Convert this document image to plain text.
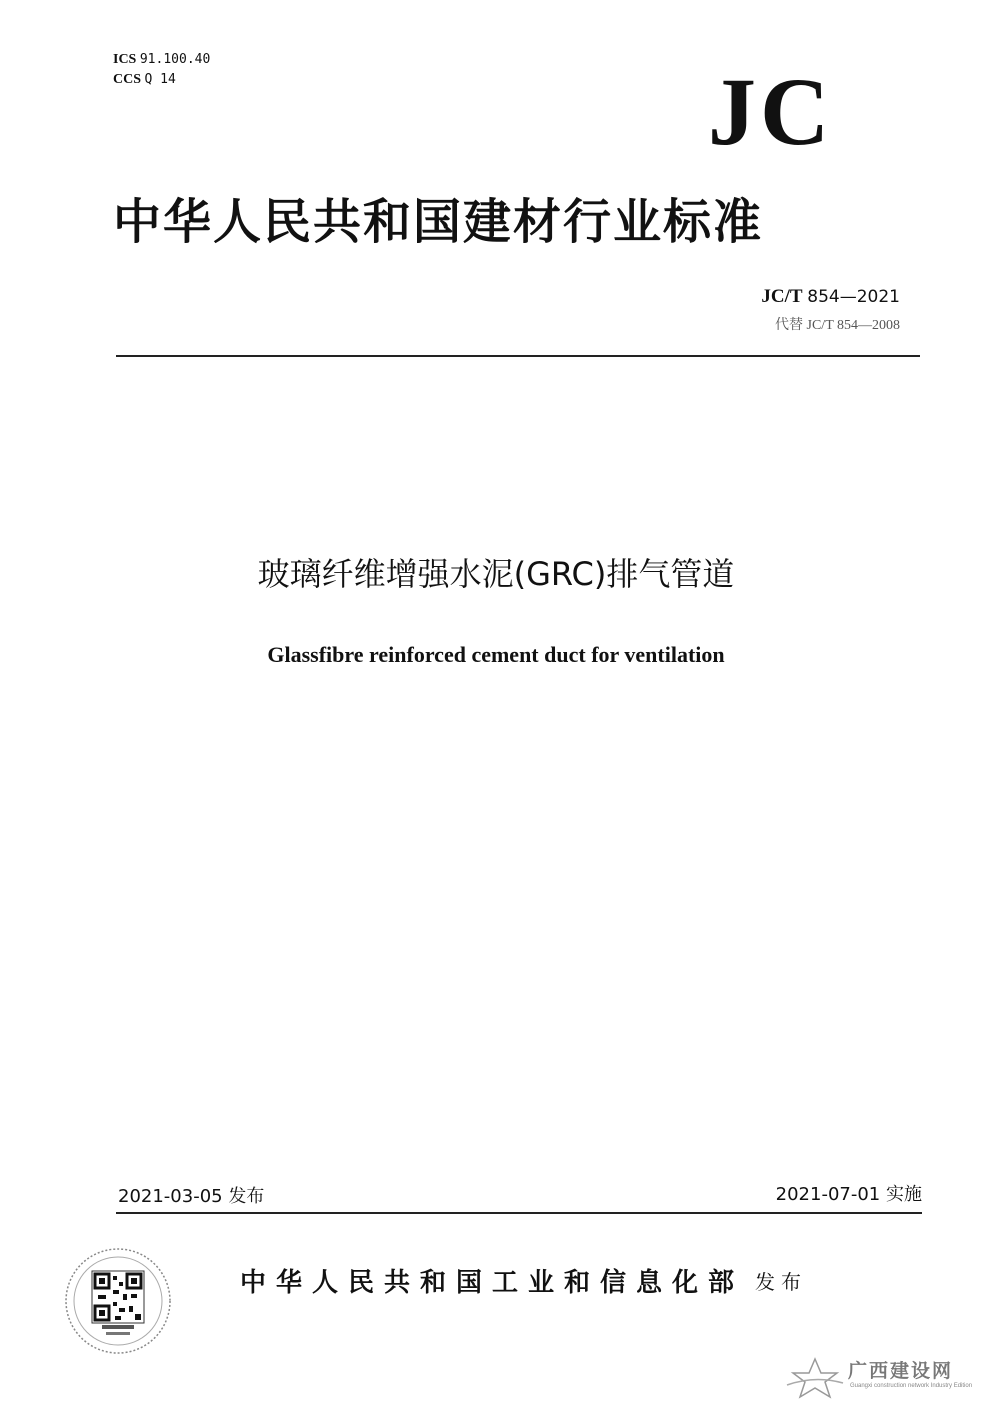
ICS 91.100.40
CCS Q 14	JC
中华人民共和国建材行业标准
JC/T 854—2021
代替 JC/T 854—2008
玻璃纤维增强水泥(GRC)排气管道
Glassfibre reinforced cement duct for ventilation
2021-03-05 发布	2021-07-01 实施
中华人民共和国工业和信息化部 发布
广西建设网
Guangxi construction network Industry Edition
